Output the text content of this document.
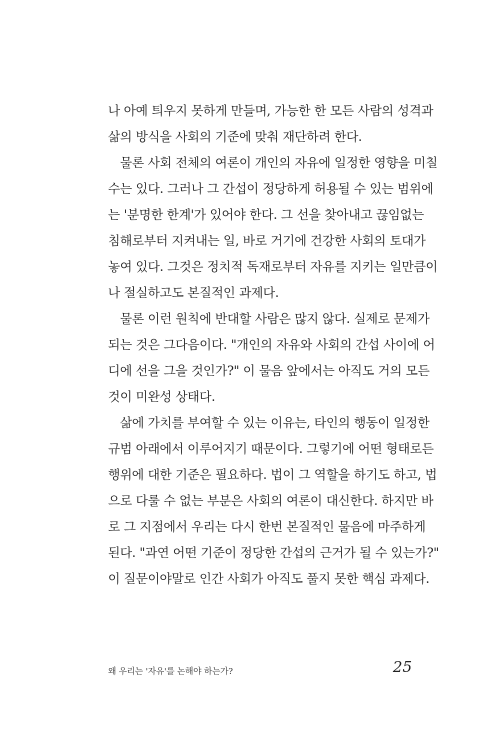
나 아예 틔우지 못하게 만들며, 가능한 한 모든 사람의 성격과
삶의 방식을 사회의 기준에 맞춰 재단하려 한다.
물론 사회 전체의 여론이 개인의 자유에 일정한 영향을 미칠
수는 있다. 그러나 그 간섭이 정당하게 허용될 수 있는 범위에
는 '분명한 한계'가 있어야 한다. 그 선을 찾아내고 끊임없는
침해로부터 지켜내는 일, 바로 거기에 건강한 사회의 토대가
놓여 있다. 그것은 정치적 독재로부터 자유를 지키는 일만큼이
나 절실하고도 본질적인 과제다.
물론 이런 원칙에 반대할 사람은 많지 않다. 실제로 문제가
되는 것은 그다음이다. "개인의 자유와 사회의 간섭 사이에 어
디에 선을 그을 것인가?" 이 물음 앞에서는 아직도 거의 모든
것이 미완성 상태다.
삶에 가치를 부여할 수 있는 이유는, 타인의 행동이 일정한
규범 아래에서 이루어지기 때문이다. 그렇기에 어떤 형태로든
행위에 대한 기준은 필요하다. 법이 그 역할을 하기도 하고, 법
으로 다룰 수 없는 부분은 사회의 여론이 대신한다. 하지만 바
로 그 지점에서 우리는 다시 한번 본질적인 물음에 마주하게
된다. "과연 어떤 기준이 정당한 간섭의 근거가 될 수 있는가?"
이 질문이야말로 인간 사회가 아직도 풀지 못한 핵심 과제다.
왜 우리는 '자유'를 논해야 하는가?	25
